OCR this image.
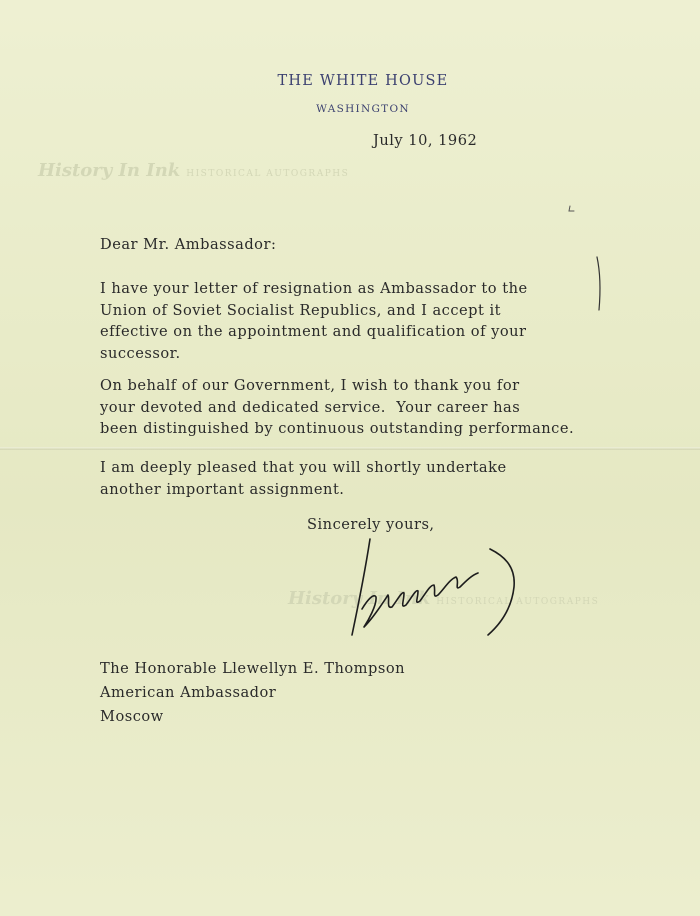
History In Ink HISTORICAL AUTOGRAPHS
History In Ink HISTORICAL AUTOGRAPHS
THE WHITE HOUSE
WASHINGTON
July 10, 1962
Dear Mr. Ambassador:

I have your letter of resignation as Ambassador to the

Union of Soviet Socialist Republics, and I accept it

effective on the appointment and qualification of your

successor.

On behalf of our Government, I wish to thank you for

your devoted and dedicated service.  Your career has

been distinguished by continuous outstanding performance.

I am deeply pleased that you will shortly undertake

another important assignment.

Sincerely yours,

The Honorable Llewellyn E. Thompson

American Ambassador

Moscow
